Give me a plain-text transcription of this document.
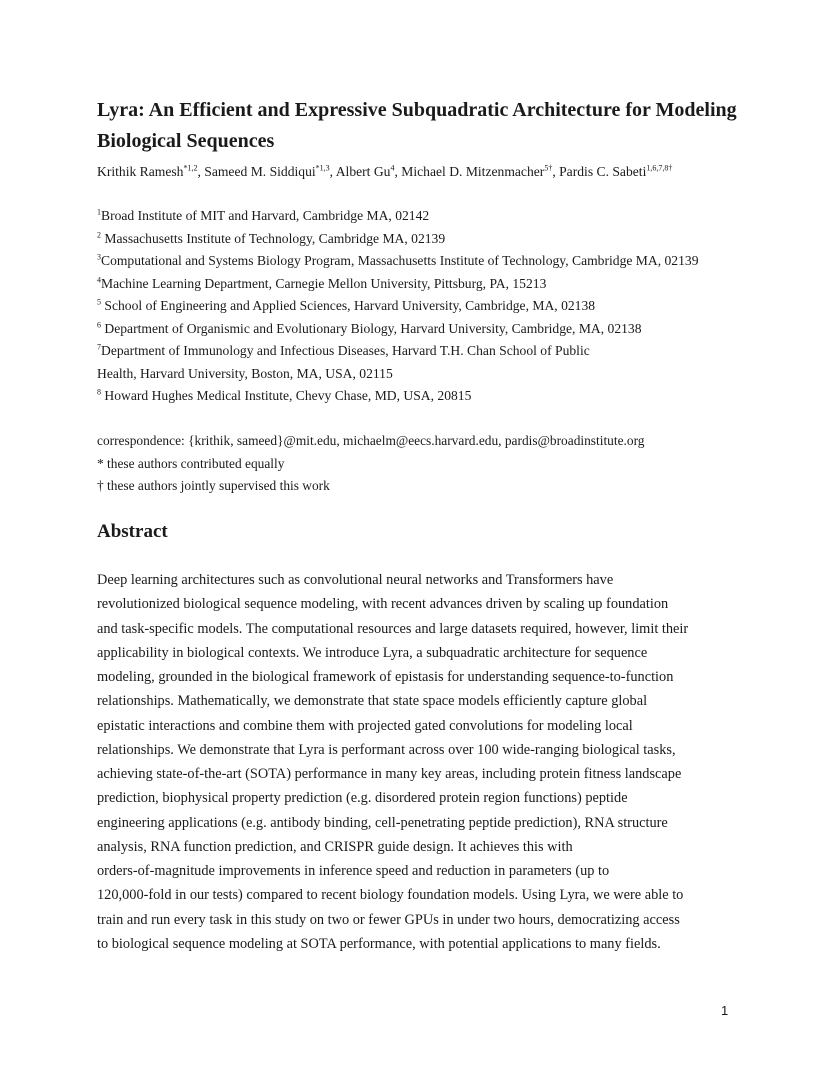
Lyra: An Efficient and Expressive Subquadratic Architecture for Modeling Biological Sequences
Krithik Ramesh$^{*1,2}$, Sameed M. Siddiqui$^{*1,3}$, Albert Gu$^4$, Michael D. Mitzenmacher$^{5\dagger}$, Pardis C. Sabeti$^{1,6,7,8\dagger}$
$^1$Broad Institute of MIT and Harvard, Cambridge MA, 02142
$^2$ Massachusetts Institute of Technology, Cambridge MA, 02139
$^3$Computational and Systems Biology Program, Massachusetts Institute of Technology, Cambridge MA, 02139
$^4$Machine Learning Department, Carnegie Mellon University, Pittsburg, PA, 15213
$^5$ School of Engineering and Applied Sciences, Harvard University, Cambridge, MA, 02138
$^6$ Department of Organismic and Evolutionary Biology, Harvard University, Cambridge, MA, 02138
$^7$Department of Immunology and Infectious Diseases, Harvard T.H. Chan School of Public
Health, Harvard University, Boston, MA, USA, 02115
$^8$ Howard Hughes Medical Institute, Chevy Chase, MD, USA, 20815
correspondence: {krithik, sameed}@mit.edu, michaelm@eecs.harvard.edu, pardis@broadinstitute.org
* these authors contributed equally
† these authors jointly supervised this work
Abstract

Deep learning architectures such as convolutional neural networks and Transformers have
revolutionized biological sequence modeling, with recent advances driven by scaling up foundation
and task-specific models. The computational resources and large datasets required, however, limit their
applicability in biological contexts. We introduce Lyra, a subquadratic architecture for sequence
modeling, grounded in the biological framework of epistasis for understanding sequence-to-function
relationships. Mathematically, we demonstrate that state space models efficiently capture global
epistatic interactions and combine them with projected gated convolutions for modeling local
relationships. We demonstrate that Lyra is performant across over 100 wide-ranging biological tasks,
achieving state-of-the-art (SOTA) performance in many key areas, including protein fitness landscape
prediction, biophysical property prediction (e.g. disordered protein region functions) peptide
engineering applications (e.g. antibody binding, cell-penetrating peptide prediction), RNA structure
analysis, RNA function prediction, and CRISPR guide design. It achieves this with
orders-of-magnitude improvements in inference speed and reduction in parameters (up to
120,000-fold in our tests) compared to recent biology foundation models. Using Lyra, we were able to
train and run every task in this study on two or fewer GPUs in under two hours, democratizing access
to biological sequence modeling at SOTA performance, with potential applications to many fields.

1
